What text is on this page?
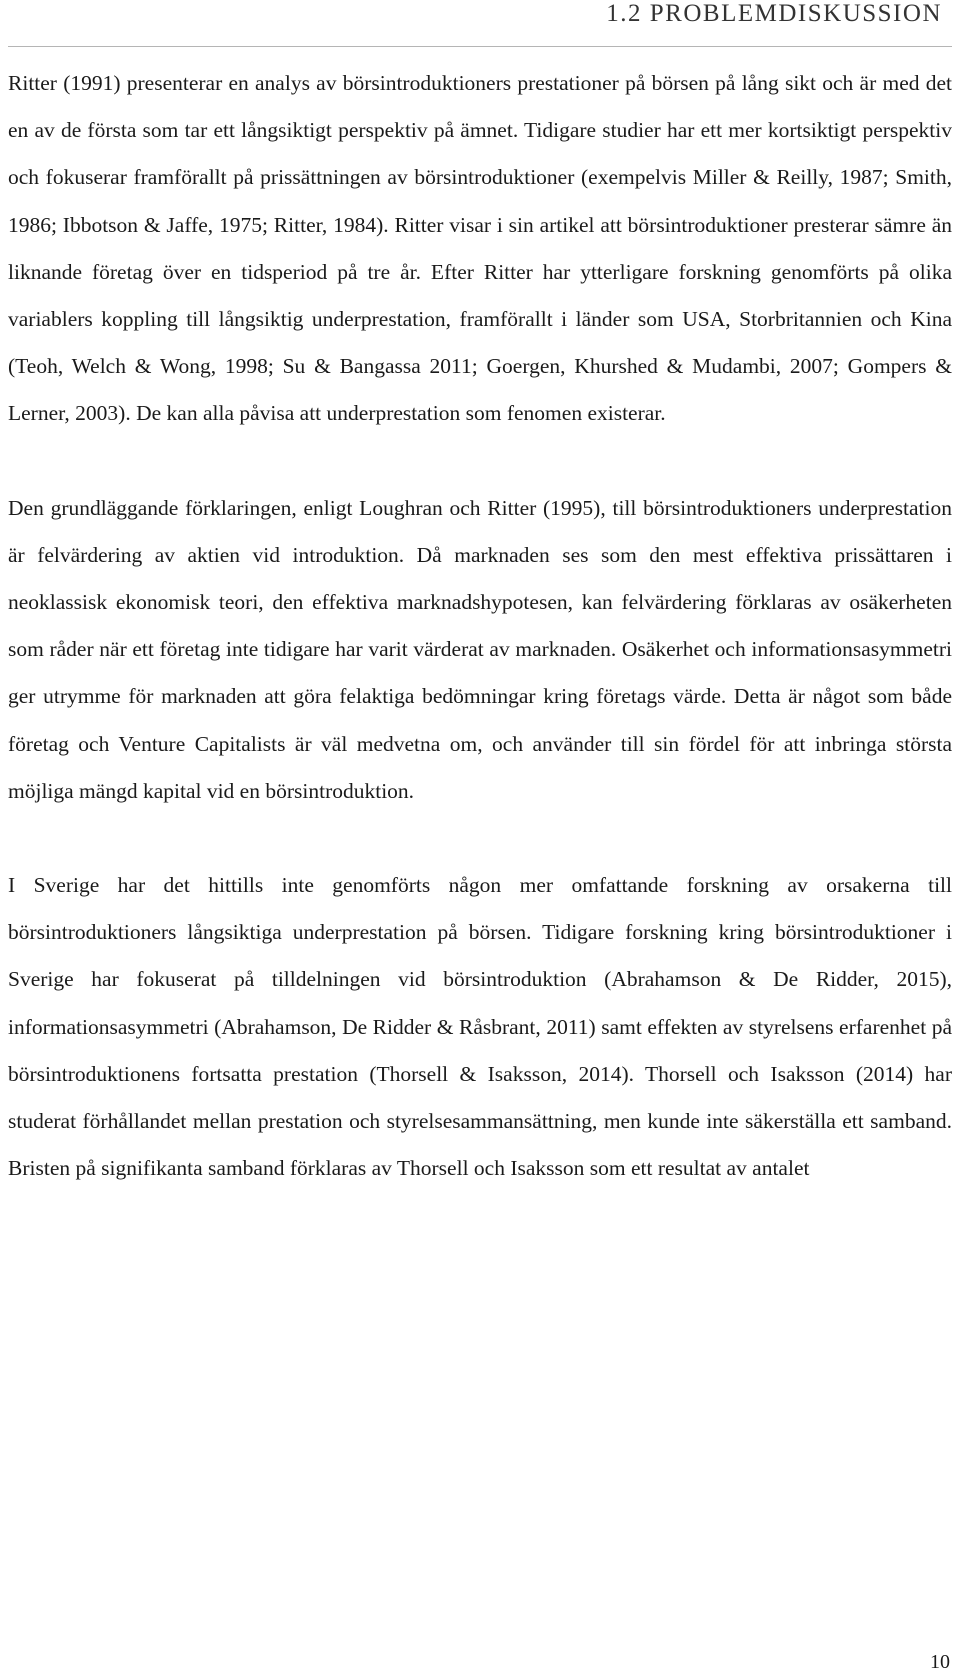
1.2 PROBLEMDISKUSSION

Ritter (1991) presenterar en analys av börsintroduktioners prestationer på börsen på lång sikt och är med det en av de första som tar ett långsiktigt perspektiv på ämnet. Tidigare studier har ett mer kortsiktigt perspektiv och fokuserar framförallt på prissättningen av börsintroduktioner (exempelvis Miller & Reilly, 1987; Smith, 1986; Ibbotson & Jaffe, 1975; Ritter, 1984). Ritter visar i sin artikel att börsintroduktioner presterar sämre än liknande företag över en tidsperiod på tre år. Efter Ritter har ytterligare forskning genomförts på olika variablers koppling till långsiktig underprestation, framförallt i länder som USA, Storbritannien och Kina (Teoh, Welch & Wong, 1998; Su & Bangassa 2011; Goergen, Khurshed & Mudambi, 2007; Gompers & Lerner, 2003). De kan alla påvisa att underprestation som fenomen existerar.

Den grundläggande förklaringen, enligt Loughran och Ritter (1995), till börsintroduktioners underprestation är felvärdering av aktien vid introduktion. Då marknaden ses som den mest effektiva prissättaren i neoklassisk ekonomisk teori, den effektiva marknadshypotesen, kan felvärdering förklaras av osäkerheten som råder när ett företag inte tidigare har varit värderat av marknaden. Osäkerhet och informationsasymmetri ger utrymme för marknaden att göra felaktiga bedömningar kring företags värde. Detta är något som både företag och Venture Capitalists är väl medvetna om, och använder till sin fördel för att inbringa största möjliga mängd kapital vid en börsintroduktion.

I Sverige har det hittills inte genomförts någon mer omfattande forskning av orsakerna till börsintroduktioners långsiktiga underprestation på börsen. Tidigare forskning kring börsintroduktioner i Sverige har fokuserat på tilldelningen vid börsintroduktion (Abrahamson & De Ridder, 2015), informationsasymmetri (Abrahamson, De Ridder & Råsbrant, 2011) samt effekten av styrelsens erfarenhet på börsintroduktionens fortsatta prestation (Thorsell & Isaksson, 2014). Thorsell och Isaksson (2014) har studerat förhållandet mellan prestation och styrelsesammansättning, men kunde inte säkerställa ett samband. Bristen på signifikanta samband förklaras av Thorsell och Isaksson som ett resultat av antalet

10
